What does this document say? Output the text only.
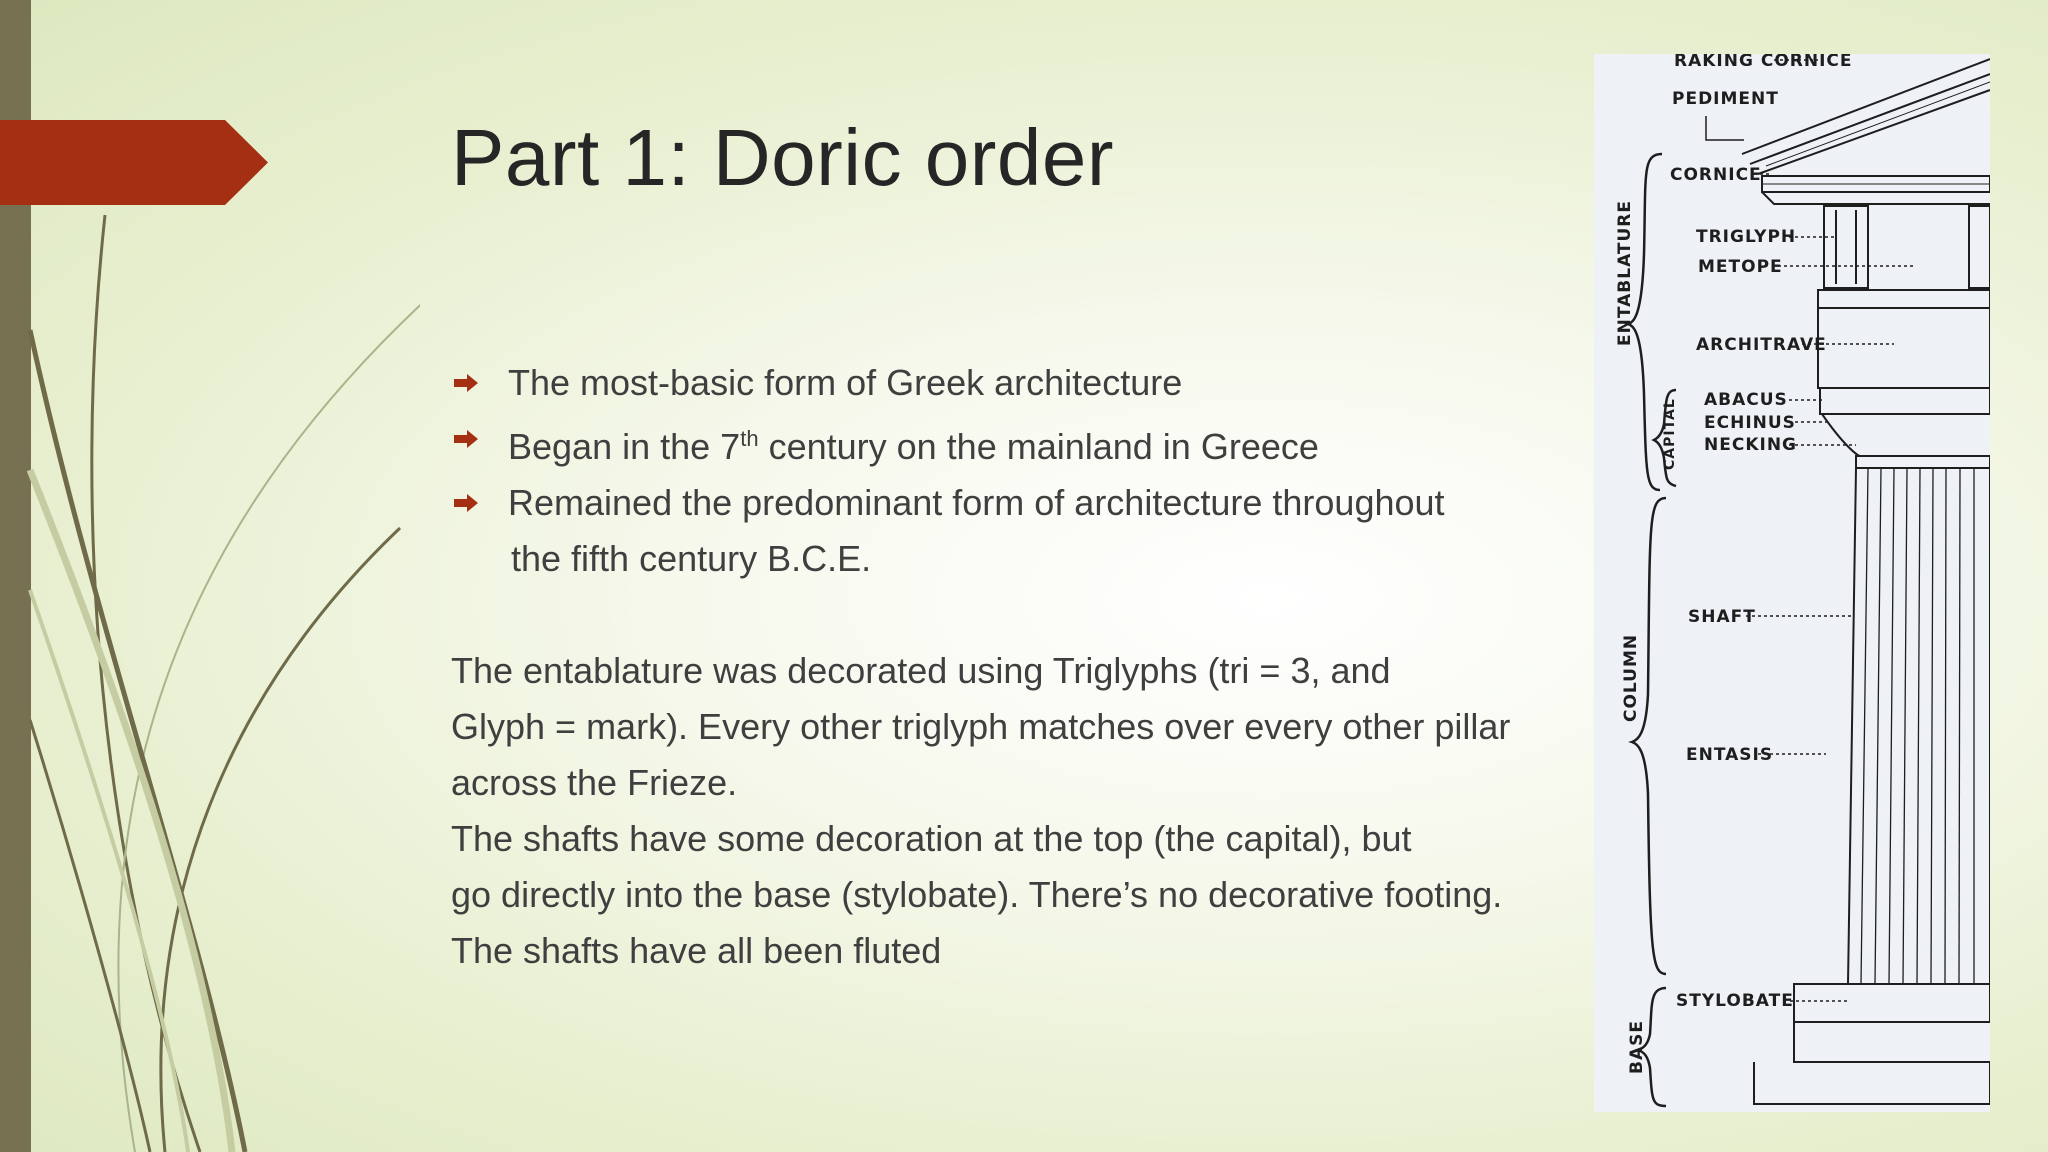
Part 1: Doric order
The most-basic form of Greek architecture
Began in the 7th century on the mainland in Greece
Remained the predominant form of architecture throughout
the fifth century B.C.E.

The entablature was decorated using Triglyphs (tri = 3, and

Glyph = mark). Every other triglyph matches over every other pillar

across the Frieze.

The shafts have some decoration at the top (the capital), but

go directly into the base (stylobate). There’s no decorative footing.

The shafts have all been fluted

RAKING CORNICE
PEDIMENT
CORNICE
TRIGLYPH
METOPE
ARCHITRAVE
ABACUS
ECHINUS
NECKING
SHAFT
ENTASIS
STYLOBATE
ENTABLATURE
CAPITAL
COLUMN
BASE
